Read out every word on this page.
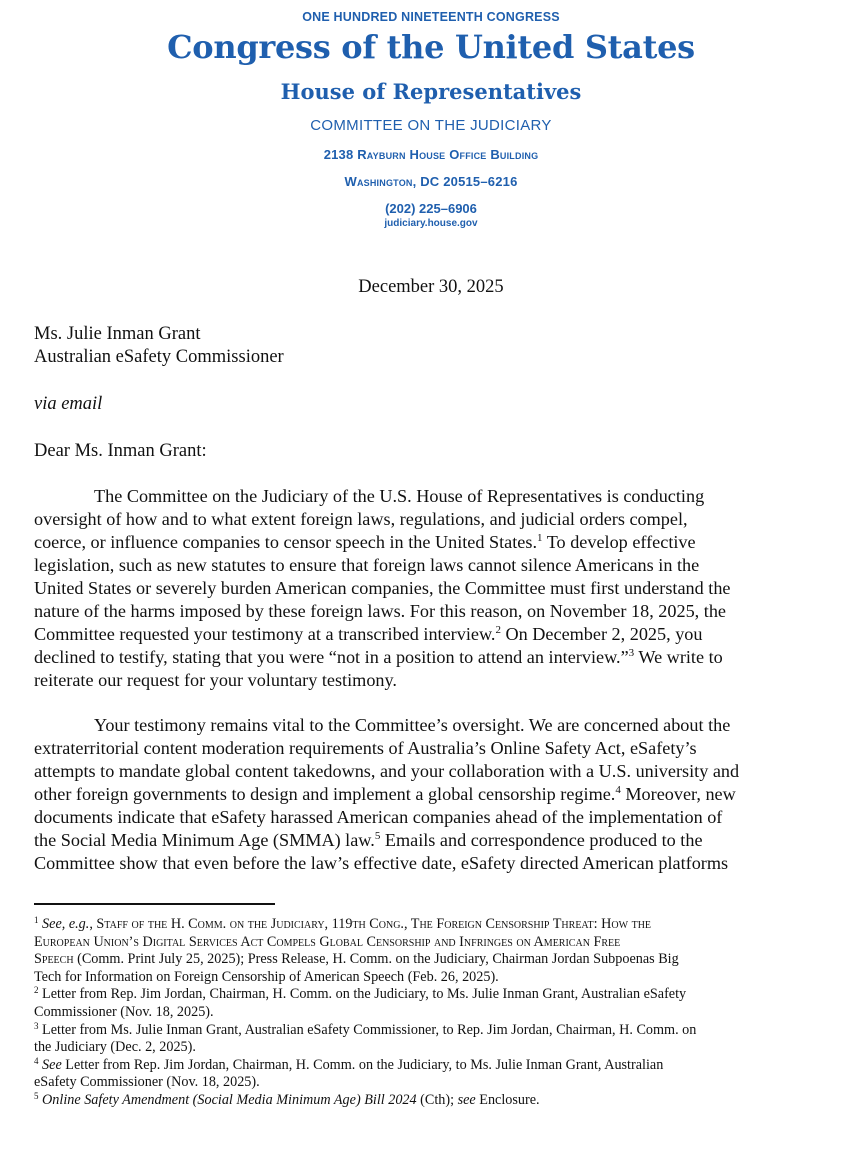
ONE HUNDRED NINETEENTH CONGRESS
Congress of the United States
House of Representatives
COMMITTEE ON THE JUDICIARY
2138 Rayburn House Office Building
Washington, DC 20515–6216
(202) 225–6906
judiciary.house.gov
December 30, 2025
Ms. Julie Inman Grant
Australian eSafety Commissioner
via email
Dear Ms. Inman Grant:
The Committee on the Judiciary of the U.S. House of Representatives is conducting
oversight of how and to what extent foreign laws, regulations, and judicial orders compel,
coerce, or influence companies to censor speech in the United States.$^1$ To develop effective
legislation, such as new statutes to ensure that foreign laws cannot silence Americans in the
United States or severely burden American companies, the Committee must first understand the
nature of the harms imposed by these foreign laws. For this reason, on November 18, 2025, the
Committee requested your testimony at a transcribed interview.$^2$ On December 2, 2025, you
declined to testify, stating that you were “not in a position to attend an interview.”$^3$ We write to
reiterate our request for your voluntary testimony.
Your testimony remains vital to the Committee’s oversight. We are concerned about the
extraterritorial content moderation requirements of Australia’s Online Safety Act, eSafety’s
attempts to mandate global content takedowns, and your collaboration with a U.S. university and
other foreign governments to design and implement a global censorship regime.$^4$ Moreover, new
documents indicate that eSafety harassed American companies ahead of the implementation of
the Social Media Minimum Age (SMMA) law.$^5$ Emails and correspondence produced to the
Committee show that even before the law’s effective date, eSafety directed American platforms
$^1$ See, e.g., Staff of the H. Comm. on the Judiciary, 119th Cong., The Foreign Censorship Threat: How the
European Union’s Digital Services Act Compels Global Censorship and Infringes on American Free
Speech (Comm. Print July 25, 2025); Press Release, H. Comm. on the Judiciary, Chairman Jordan Subpoenas Big
Tech for Information on Foreign Censorship of American Speech (Feb. 26, 2025).
$^2$ Letter from Rep. Jim Jordan, Chairman, H. Comm. on the Judiciary, to Ms. Julie Inman Grant, Australian eSafety
Commissioner (Nov. 18, 2025).
$^3$ Letter from Ms. Julie Inman Grant, Australian eSafety Commissioner, to Rep. Jim Jordan, Chairman, H. Comm. on
the Judiciary (Dec. 2, 2025).
$^4$ See Letter from Rep. Jim Jordan, Chairman, H. Comm. on the Judiciary, to Ms. Julie Inman Grant, Australian
eSafety Commissioner (Nov. 18, 2025).
$^5$ Online Safety Amendment (Social Media Minimum Age) Bill 2024 (Cth); see Enclosure.
